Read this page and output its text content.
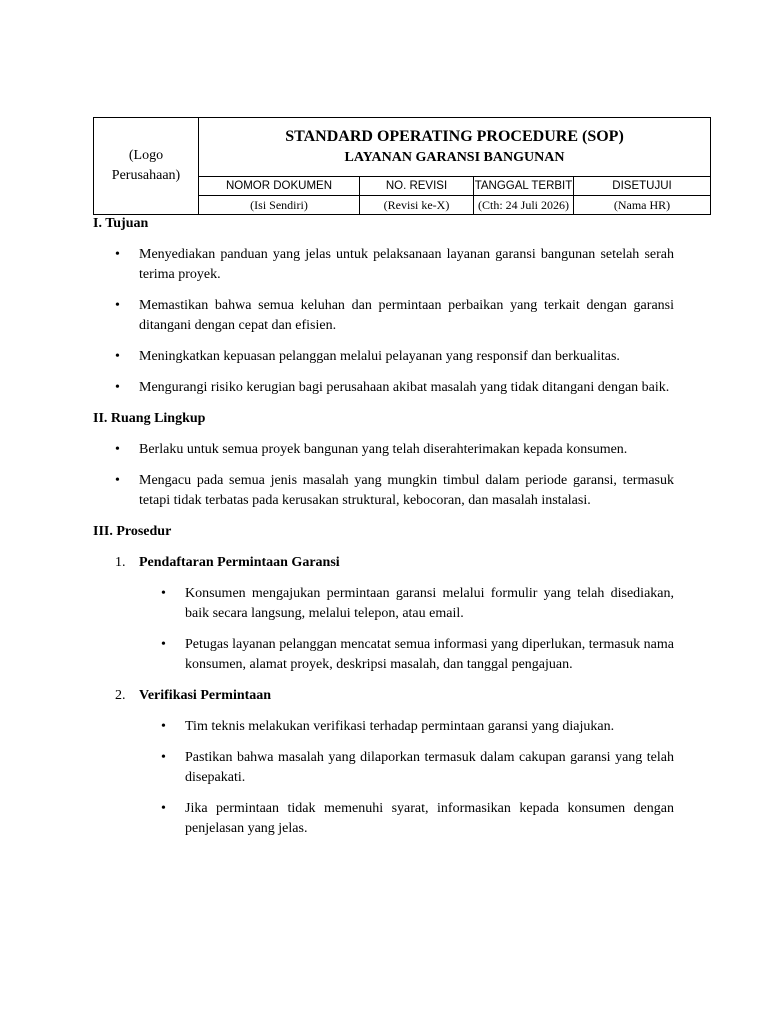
(Logo
Perusahaan)
STANDARD OPERATING PROCEDURE (SOP)
LAYANAN GARANSI BANGUNAN
NOMOR DOKUMEN	NO. REVISI	TANGGAL TERBIT	DISETUJUI
(Isi Sendiri)	(Revisi ke-X)	(Cth: 24 Juli 2026)	(Nama HR)
I. Tujuan
• Menyediakan panduan yang jelas untuk pelaksanaan layanan garansi bangunan setelah serah terima proyek.
• Memastikan bahwa semua keluhan dan permintaan perbaikan yang terkait dengan garansi ditangani dengan cepat dan efisien.
• Meningkatkan kepuasan pelanggan melalui pelayanan yang responsif dan berkualitas.
• Mengurangi risiko kerugian bagi perusahaan akibat masalah yang tidak ditangani dengan baik.
II. Ruang Lingkup
• Berlaku untuk semua proyek bangunan yang telah diserahterimakan kepada konsumen.
• Mengacu pada semua jenis masalah yang mungkin timbul dalam periode garansi, termasuk tetapi tidak terbatas pada kerusakan struktural, kebocoran, dan masalah instalasi.
III. Prosedur
1. Pendaftaran Permintaan Garansi
• Konsumen mengajukan permintaan garansi melalui formulir yang telah disediakan, baik secara langsung, melalui telepon, atau email.
• Petugas layanan pelanggan mencatat semua informasi yang diperlukan, termasuk nama konsumen, alamat proyek, deskripsi masalah, dan tanggal pengajuan.
2. Verifikasi Permintaan
• Tim teknis melakukan verifikasi terhadap permintaan garansi yang diajukan.
• Pastikan bahwa masalah yang dilaporkan termasuk dalam cakupan garansi yang telah disepakati.
• Jika permintaan tidak memenuhi syarat, informasikan kepada konsumen dengan penjelasan yang jelas.
